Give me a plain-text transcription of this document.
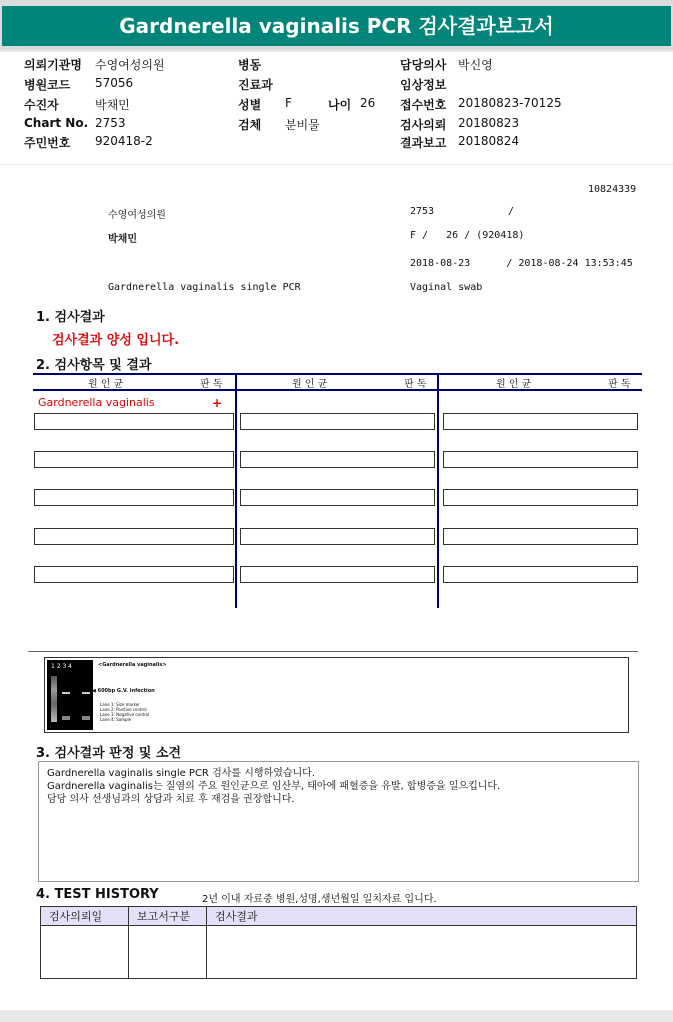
Gardnerella vaginalis PCR 검사결과보고서
의뢰기관명 수영여성의원
병원코드 57056
수진자	박채민
Chart No. 2753
주민번호 920418-2
병동
진료과
성별 F	나이 26
검체 분비물
담당의사 박신영
임상정보
접수번호 20180823-70125
검사의뢰 20180823
결과보고 20180824
10824339
수영여성의원	2753	/
박채민	F /   26 / (920418)
2018-08-23      / 2018-08-24 13:53:45
Gardnerella vaginalis single PCR	Vaginal swab
1. 검사결과
검사결과 양성 입니다.
2. 검사항목 및 결과
원 인 균	판 독	원 인 균	판 독	원 인 균	판 독
Gardnerella vaginalis	+
1 2 3 4	<Gardnerella vaginalis>
◀ 600bp G.V. infection
Lane 1: Size marker
Lane 2: Positive control
Lane 3: Negative control
Lane 4: Sample
3. 검사결과 판정 및 소견
Gardnerella vaginalis single PCR 검사를 시행하였습니다.
Gardnerella vaginalis는 질염의 주요 원인균으로 임산부, 태아에 패혈증을 유발, 합병증을 일으킵니다.
담당 의사 선생님과의 상담과 치료 후 재검을 권장합니다.
4. TEST HISTORY	2년 이내 자료중 병원,성명,생년월일 일치자료 입니다.
검사의뢰일	보고서구분	검사결과
